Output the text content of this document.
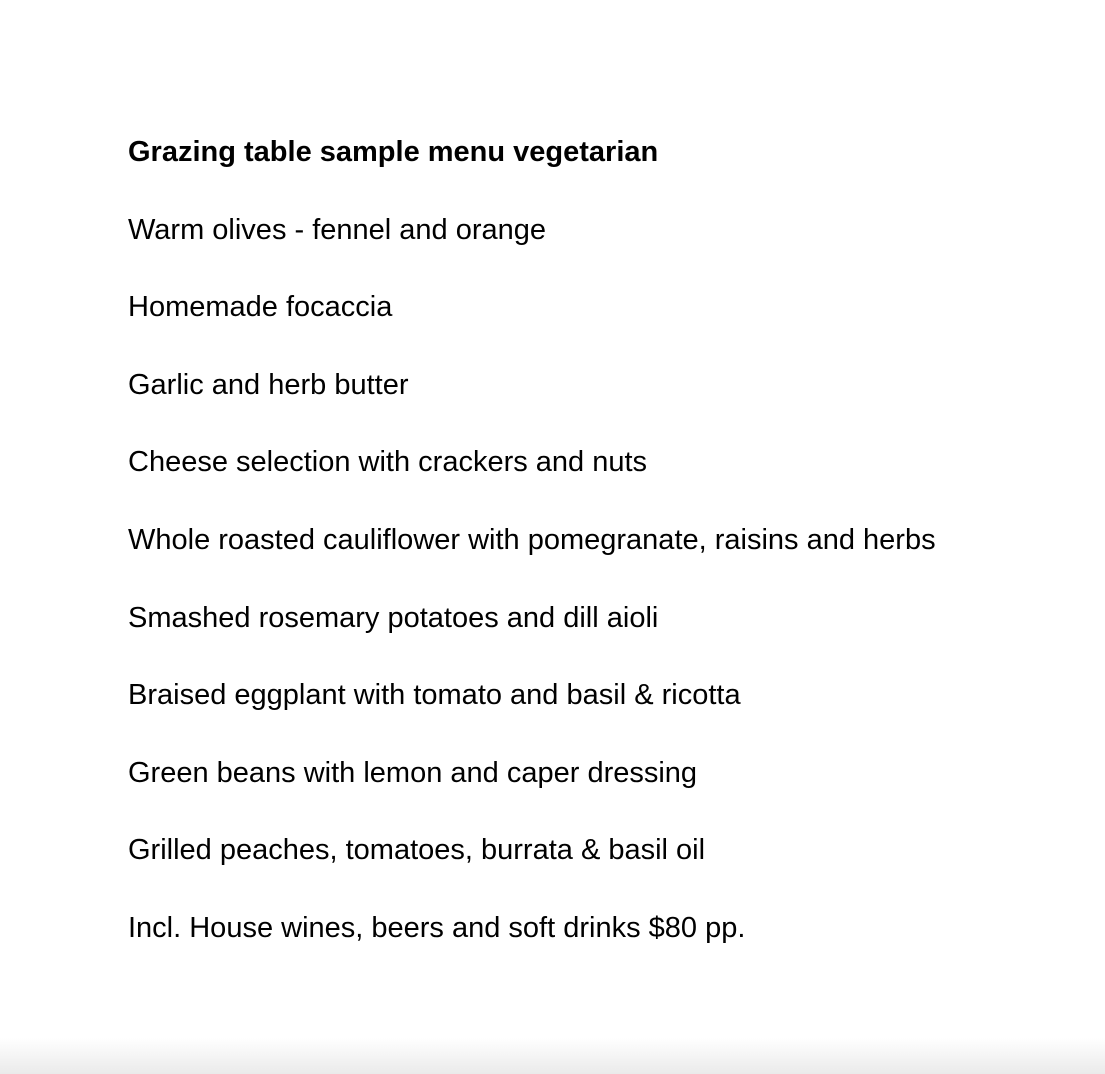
Grazing table sample menu vegetarian
Warm olives - fennel and orange
Homemade focaccia
Garlic and herb butter
Cheese selection with crackers and nuts
Whole roasted cauliflower with pomegranate, raisins and herbs
Smashed rosemary potatoes and dill aioli
Braised eggplant with tomato and basil & ricotta
Green beans with lemon and caper dressing
Grilled peaches, tomatoes, burrata & basil oil

Incl. House wines, beers and soft drinks $80 pp.
